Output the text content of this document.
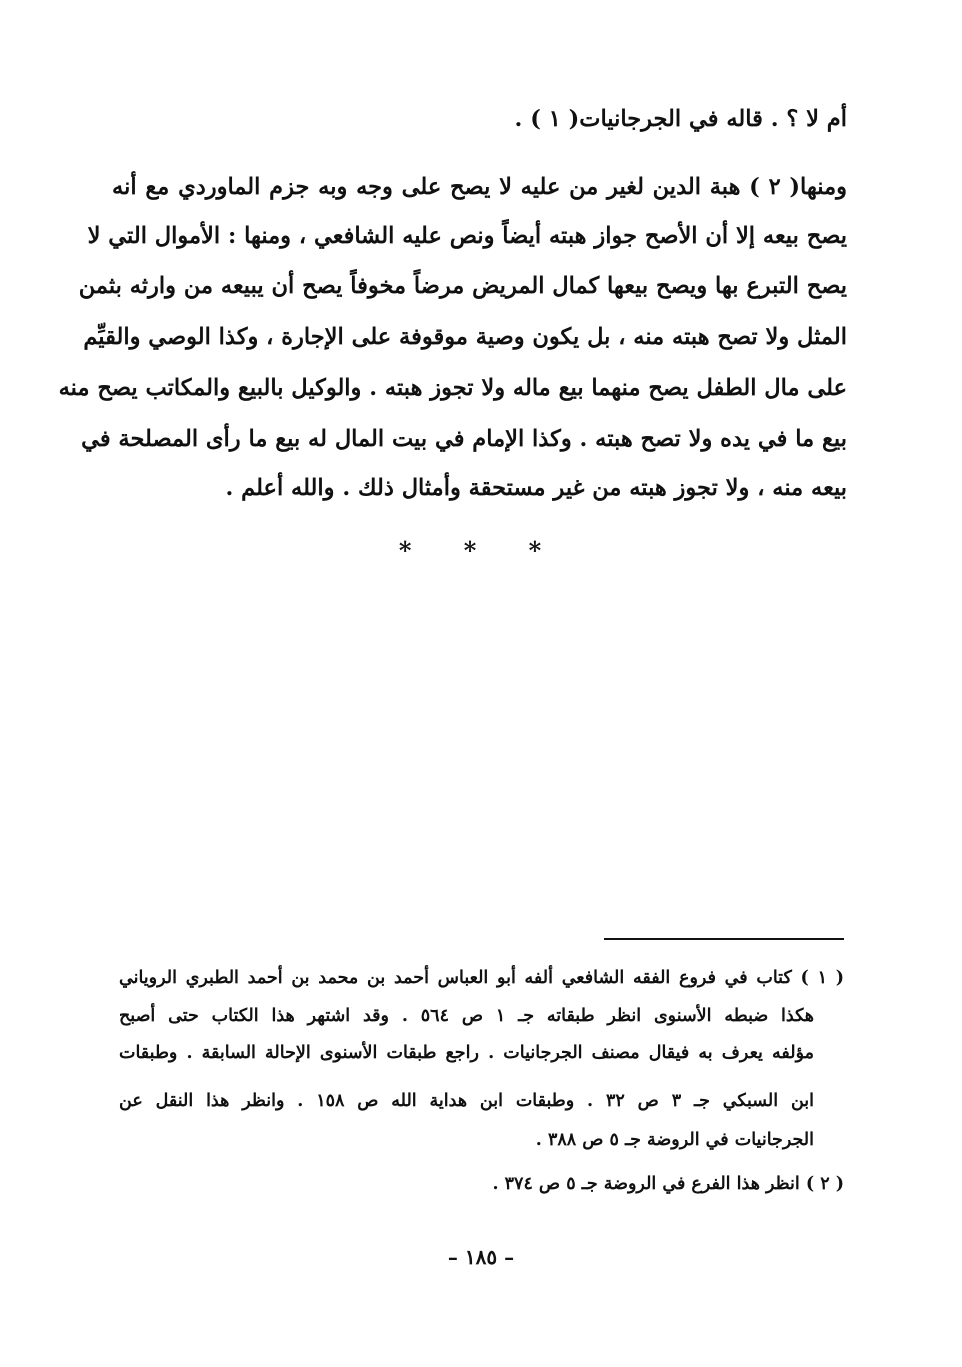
أم لا ؟ . قاله في الجرجانيات( ١ ) .
ومنها( ٢ ) هبة الدين لغير من عليه لا يصح على وجه وبه جزم الماوردي مع أنه
يصح بيعه إلا أن الأصح جواز هبته أيضاً ونص عليه الشافعي ، ومنها : الأموال التي لا
يصح التبرع بها ويصح بيعها كمال المريض مرضاً مخوفاً يصح أن يبيعه من وارثه بثمن
المثل ولا تصح هبته منه ، بل يكون وصية موقوفة على الإجارة ، وكذا الوصي والقيِّم
على مال الطفل يصح منهما بيع ماله ولا تجوز هبته . والوكيل بالبيع والمكاتب يصح منه
بيع ما في يده ولا تصح هبته . وكذا الإمام في بيت المال له بيع ما رأى المصلحة في
بيعه منه ، ولا تجوز هبته من غير مستحقة وأمثال ذلك . والله أعلم .
* * *
( ١ ) كتاب في فروع الفقه الشافعي ألفه أبو العباس أحمد بن محمد بن أحمد الطبري الروياني
هكذا ضبطه الأسنوى انظر طبقاته جـ ١ ص ٥٦٤ . وقد اشتهر هذا الكتاب حتى أصبح
مؤلفه يعرف به فيقال مصنف الجرجانيات . راجع طبقات الأسنوى الإحالة السابقة . وطبقات
ابن السبكي جـ ٣ ص ٣٢ . وطبقات ابن هداية الله ص ١٥٨ . وانظر هذا النقل عن
الجرجانيات في الروضة جـ ٥ ص ٣٨٨ .
( ٢ ) انظر هذا الفرع في الروضة جـ ٥ ص ٣٧٤ .
– ١٨٥ –
